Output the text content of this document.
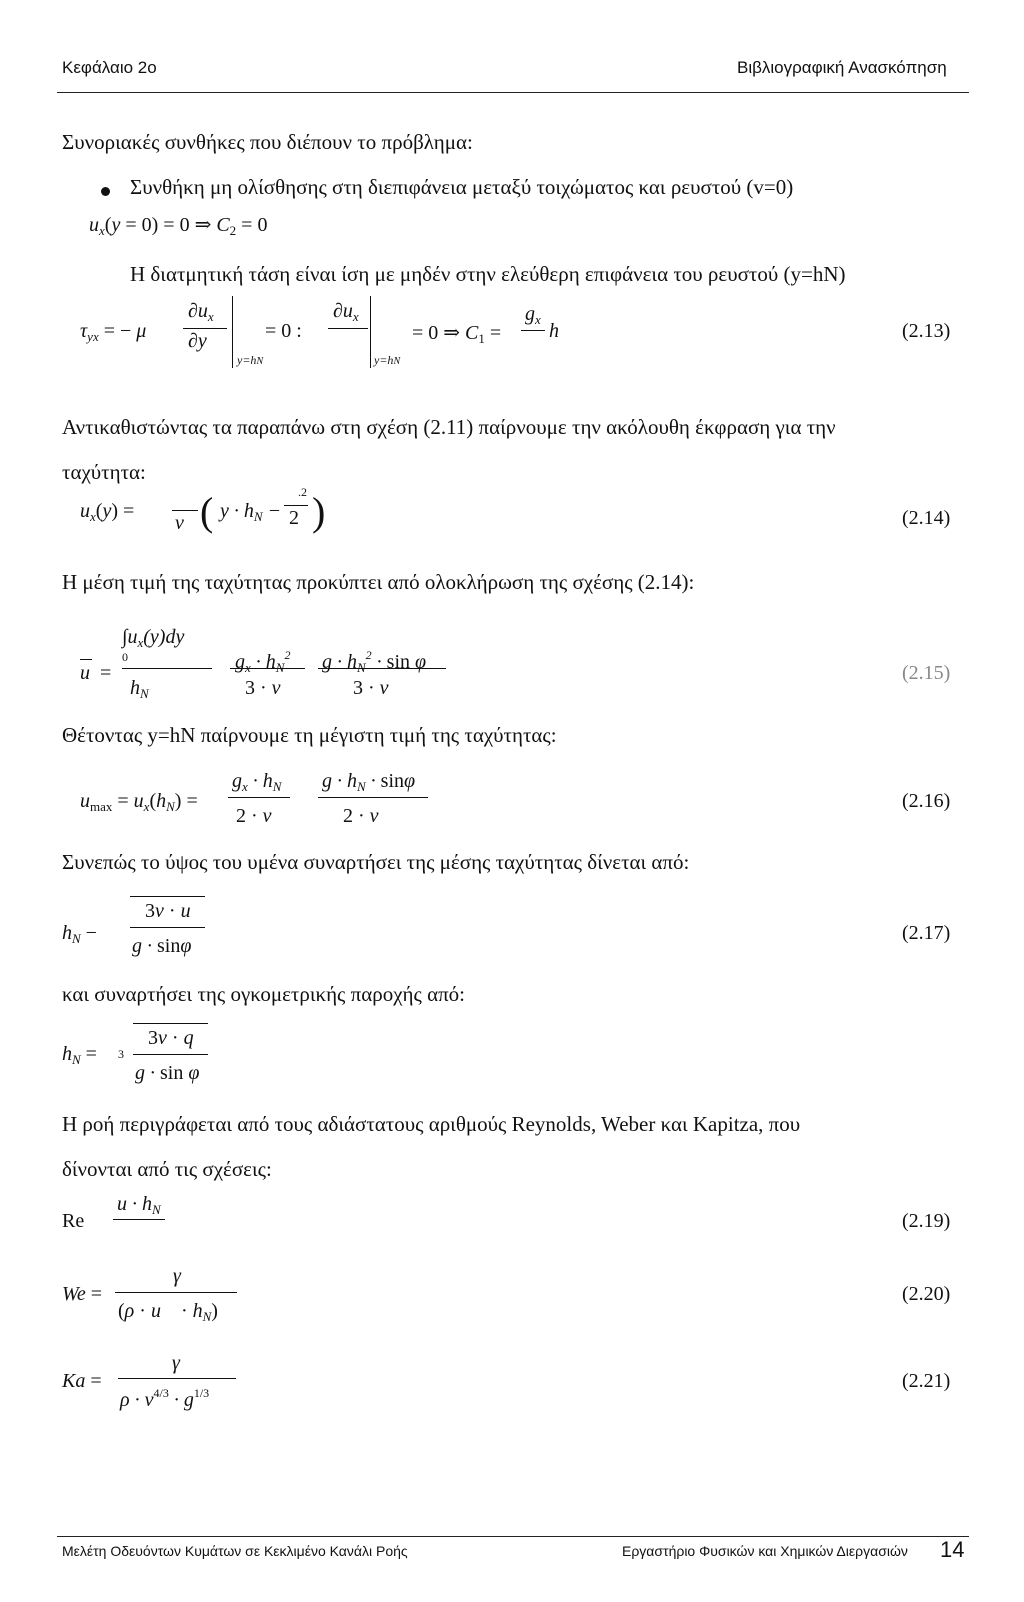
Κεφάλαιο 2ο	Βιβλιογραφική Ανασκόπηση
Συνοριακές συνθήκες που διέπουν το πρόβλημα:
Συνθήκη μη ολίσθησης στη διεπιφάνεια μεταξύ τοιχώματος και ρευστού (v=0)
$u_x(y = 0) = 0$ ⇒ $C_2 = 0$
Η διατμητική τάση είναι ίση με μηδέν στην ελεύθερη επιφάνεια του ρευστού (y=hN)
$\tau_{yx}$ = − μ
$\partial u_x$
∂y
y=hN
= 0 :
$\partial u_x$
y=hN
= 0 ⇒ $C_1$ =
$g_x$
h	(2.13)
Αντικαθιστώντας τα παραπάνω στη σχέση (2.11) παίρνουμε την ακόλουθη έκφραση για την
ταχύτητα:
$u_x(y)$ =
ν ( $y \cdot h_N$ −
.2
2 )	(2.14)
Η μέση τιμή της ταχύτητας προκύπτει από ολοκλήρωση της σχέσης (2.14):
u =
$\int u_x(y)dy$
0
$h_N$
$g_x \cdot h_N^2$
3 · ν
$g \cdot h_N^2 \cdot \sin \varphi$
3 · ν
(2.15)
Θέτοντας y=hN παίρνουμε τη μέγιστη τιμή της ταχύτητας:
$u_{max} = u_x(h_N)$ =
$g_x \cdot h_N$
2 · ν
$g \cdot h_N \cdot \sin\varphi$
2 · ν
(2.16)
Συνεπώς το ύψος του υμένα συναρτήσει της μέσης ταχύτητας δίνεται από:
$h_N$ −
3ν · u
g · sinφ
(2.17)
και συναρτήσει της ογκομετρικής παροχής από:
$h_N = 3$
3ν · q
g · sin φ
Η ροή περιγράφεται από τους αδιάστατους αριθμούς Reynolds, Weber και Kapitza, που
δίνονται από τις σχέσεις:
Re
$u \cdot h_N$
(2.19)
We =
γ
(ρ · u    · $h_N$)
(2.20)
Ka =
γ
$\rho \cdot \nu^{4/3} \cdot g^{1/3}$
(2.21)
Μελέτη Οδευόντων Κυμάτων σε Κεκλιμένο Κανάλι Ροής	Εργαστήριο Φυσικών και Χημικών Διεργασιών 14
